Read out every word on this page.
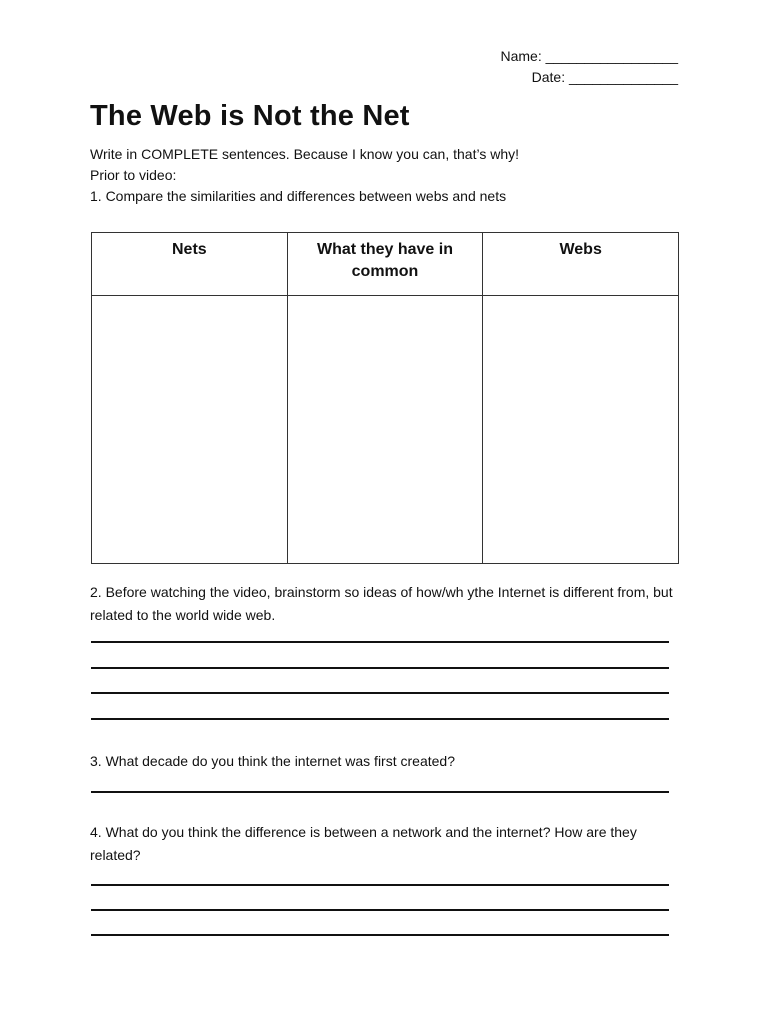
Name: _________________
Date: ______________
The Web is Not the Net
Write in COMPLETE sentences. Because I know you can, that’s why!
Prior to video:
1. Compare the similarities and differences between webs and nets
Nets	What they have in common	Webs

2. Before watching the video, brainstorm so ideas of how/wh ythe Internet is different from, but related to the world wide web.
3. What decade do you think the internet was first created?
4. What do you think the difference is between a network and the internet? How are they related?
